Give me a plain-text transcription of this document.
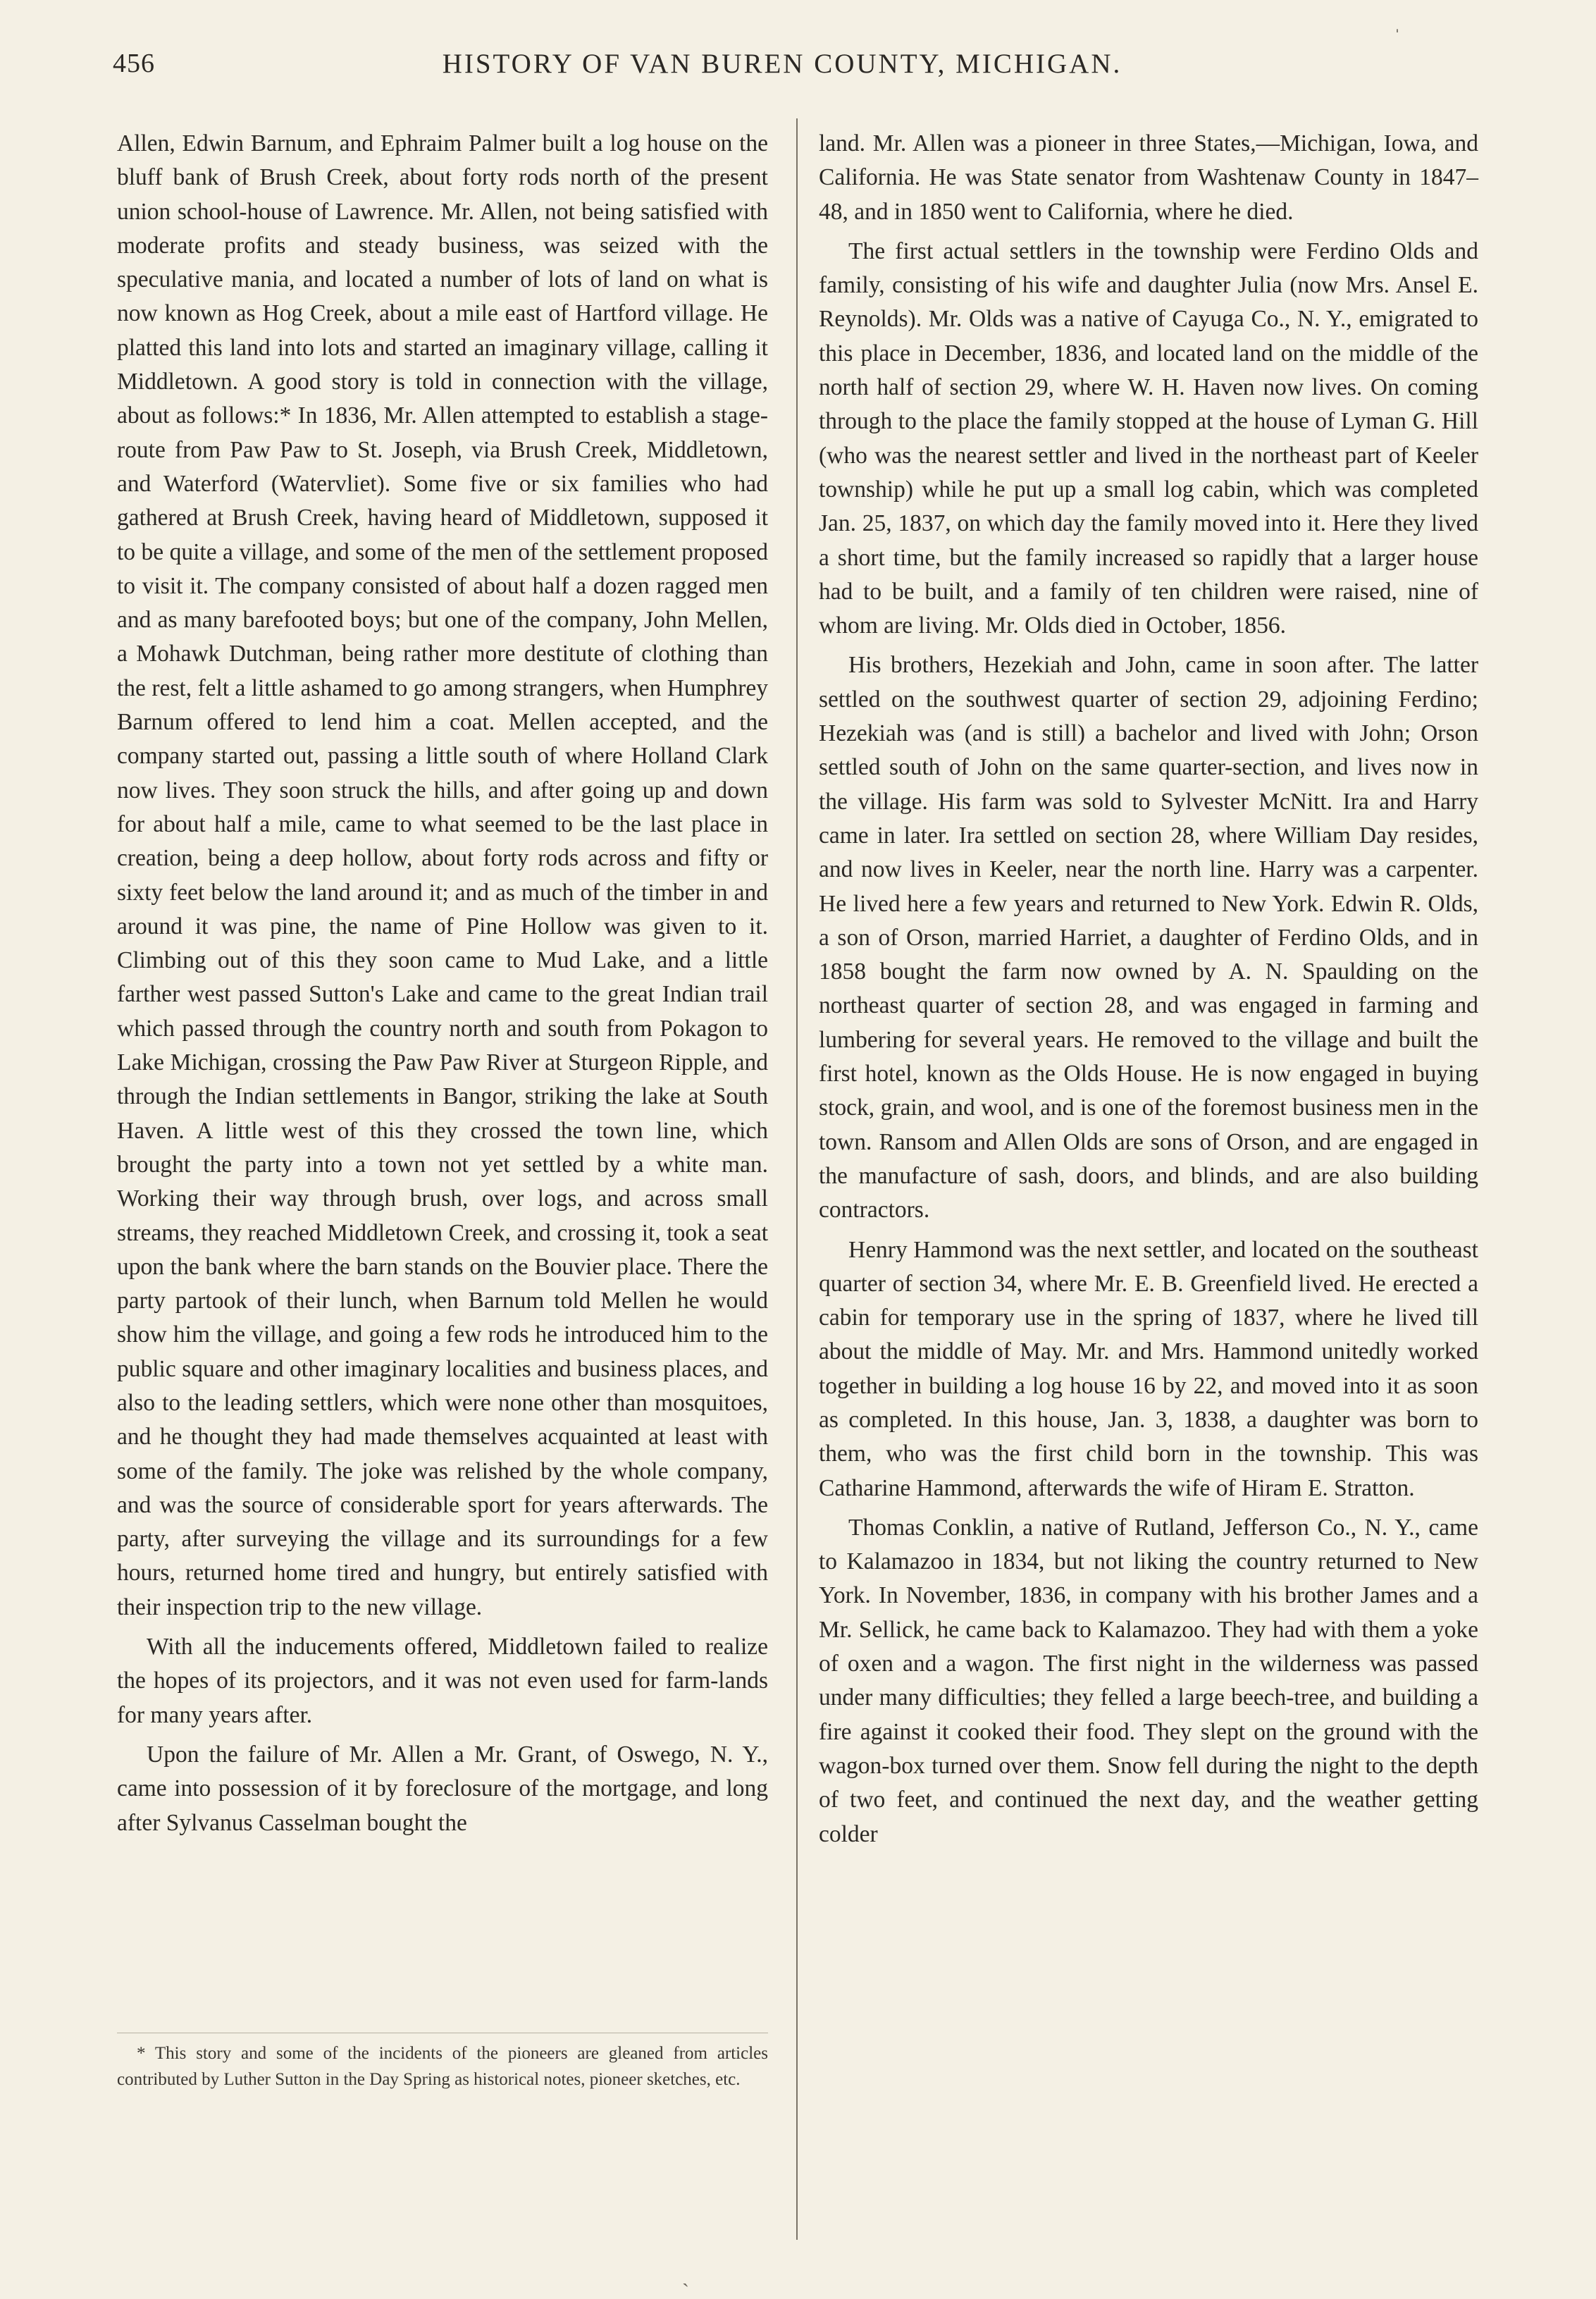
456	HISTORY OF VAN BUREN COUNTY, MICHIGAN.

Allen, Edwin Barnum, and Ephraim Palmer built a log house on the bluff bank of Brush Creek, about forty rods north of the present union school-house of Lawrence. Mr. Allen, not being satisfied with moderate profits and steady business, was seized with the speculative mania, and located a number of lots of land on what is now known as Hog Creek, about a mile east of Hartford village. He platted this land into lots and started an imaginary village, calling it Middletown. A good story is told in connection with the village, about as follows:* In 1836, Mr. Allen attempted to establish a stage-route from Paw Paw to St. Joseph, via Brush Creek, Middletown, and Waterford (Watervliet). Some five or six families who had gathered at Brush Creek, having heard of Middletown, supposed it to be quite a village, and some of the men of the settlement proposed to visit it. The company consisted of about half a dozen ragged men and as many barefooted boys; but one of the company, John Mellen, a Mohawk Dutchman, being rather more destitute of clothing than the rest, felt a little ashamed to go among strangers, when Humphrey Barnum offered to lend him a coat. Mellen accepted, and the company started out, passing a little south of where Holland Clark now lives. They soon struck the hills, and after going up and down for about half a mile, came to what seemed to be the last place in creation, being a deep hollow, about forty rods across and fifty or sixty feet below the land around it; and as much of the timber in and around it was pine, the name of Pine Hollow was given to it. Climbing out of this they soon came to Mud Lake, and a little farther west passed Sutton's Lake and came to the great Indian trail which passed through the country north and south from Pokagon to Lake Michigan, crossing the Paw Paw River at Sturgeon Ripple, and through the Indian settlements in Bangor, striking the lake at South Haven. A little west of this they crossed the town line, which brought the party into a town not yet settled by a white man. Working their way through brush, over logs, and across small streams, they reached Middletown Creek, and crossing it, took a seat upon the bank where the barn stands on the Bouvier place. There the party partook of their lunch, when Barnum told Mellen he would show him the village, and going a few rods he introduced him to the public square and other imaginary localities and business places, and also to the leading settlers, which were none other than mosquitoes, and he thought they had made themselves acquainted at least with some of the family. The joke was relished by the whole company, and was the source of considerable sport for years afterwards. The party, after surveying the village and its surroundings for a few hours, returned home tired and hungry, but entirely satisfied with their inspection trip to the new village.

With all the inducements offered, Middletown failed to realize the hopes of its projectors, and it was not even used for farm-lands for many years after.

Upon the failure of Mr. Allen a Mr. Grant, of Oswego, N. Y., came into possession of it by foreclosure of the mortgage, and long after Sylvanus Casselman bought the

land. Mr. Allen was a pioneer in three States,—Michigan, Iowa, and California. He was State senator from Washtenaw County in 1847–48, and in 1850 went to California, where he died.

The first actual settlers in the township were Ferdino Olds and family, consisting of his wife and daughter Julia (now Mrs. Ansel E. Reynolds). Mr. Olds was a native of Cayuga Co., N. Y., emigrated to this place in December, 1836, and located land on the middle of the north half of section 29, where W. H. Haven now lives. On coming through to the place the family stopped at the house of Lyman G. Hill (who was the nearest settler and lived in the northeast part of Keeler township) while he put up a small log cabin, which was completed Jan. 25, 1837, on which day the family moved into it. Here they lived a short time, but the family increased so rapidly that a larger house had to be built, and a family of ten children were raised, nine of whom are living. Mr. Olds died in October, 1856.

His brothers, Hezekiah and John, came in soon after. The latter settled on the southwest quarter of section 29, adjoining Ferdino; Hezekiah was (and is still) a bachelor and lived with John; Orson settled south of John on the same quarter-section, and lives now in the village. His farm was sold to Sylvester McNitt. Ira and Harry came in later. Ira settled on section 28, where William Day resides, and now lives in Keeler, near the north line. Harry was a carpenter. He lived here a few years and returned to New York. Edwin R. Olds, a son of Orson, married Harriet, a daughter of Ferdino Olds, and in 1858 bought the farm now owned by A. N. Spaulding on the northeast quarter of section 28, and was engaged in farming and lumbering for several years. He removed to the village and built the first hotel, known as the Olds House. He is now engaged in buying stock, grain, and wool, and is one of the foremost business men in the town. Ransom and Allen Olds are sons of Orson, and are engaged in the manufacture of sash, doors, and blinds, and are also building contractors.

Henry Hammond was the next settler, and located on the southeast quarter of section 34, where Mr. E. B. Greenfield lived. He erected a cabin for temporary use in the spring of 1837, where he lived till about the middle of May. Mr. and Mrs. Hammond unitedly worked together in building a log house 16 by 22, and moved into it as soon as completed. In this house, Jan. 3, 1838, a daughter was born to them, who was the first child born in the township. This was Catharine Hammond, afterwards the wife of Hiram E. Stratton.

Thomas Conklin, a native of Rutland, Jefferson Co., N. Y., came to Kalamazoo in 1834, but not liking the country returned to New York. In November, 1836, in company with his brother James and a Mr. Sellick, he came back to Kalamazoo. They had with them a yoke of oxen and a wagon. The first night in the wilderness was passed under many difficulties; they felled a large beech-tree, and building a fire against it cooked their food. They slept on the ground with the wagon-box turned over them. Snow fell during the night to the depth of two feet, and continued the next day, and the weather getting colder

* This story and some of the incidents of the pioneers are gleaned from articles contributed by Luther Sutton in the Day Spring as historical notes, pioneer sketches, etc.

ˈ
ˎ
